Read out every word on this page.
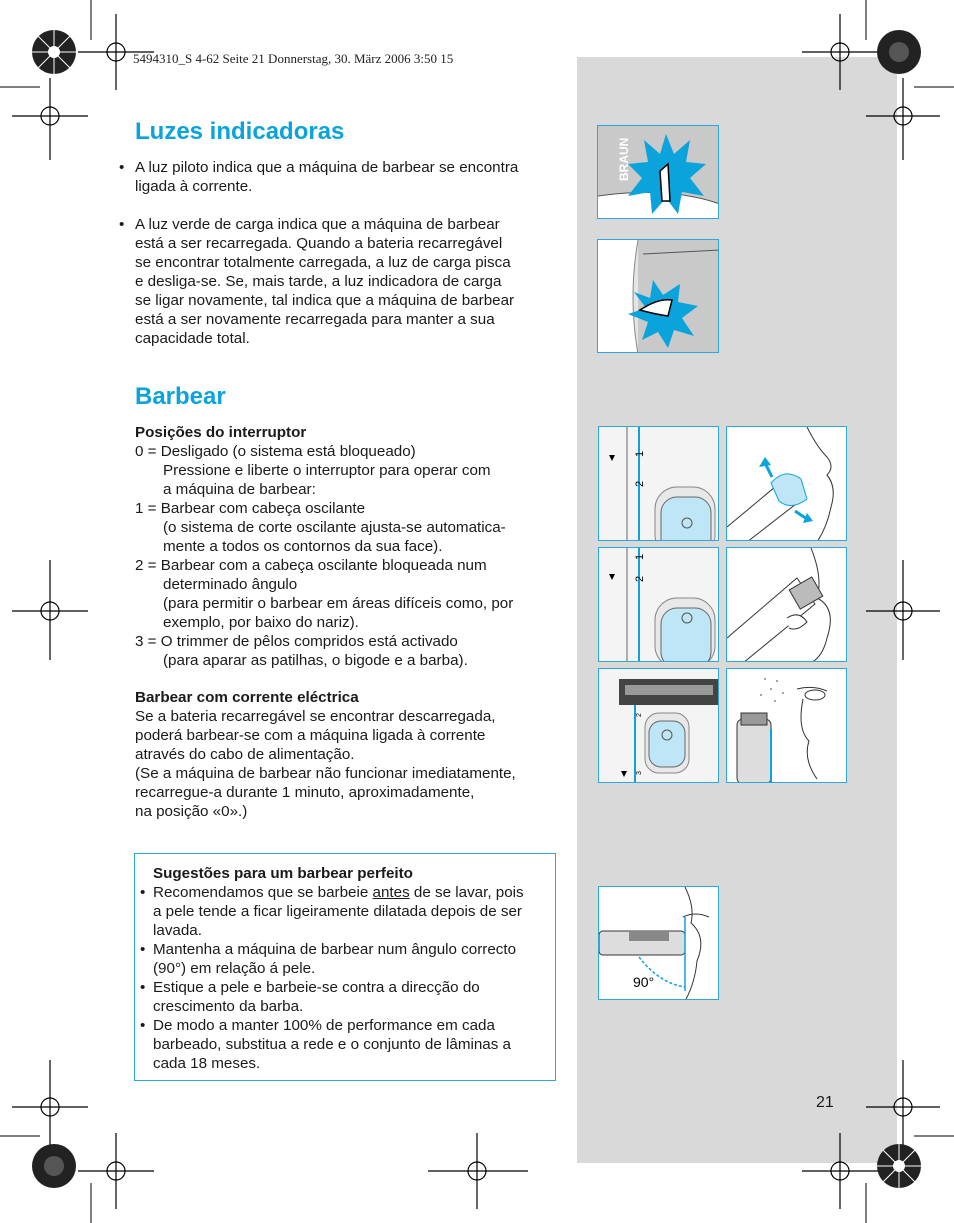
5494310_S 4-62 Seite 21 Donnerstag, 30. März 2006 3:50 15
Luzes indicadoras
• A luz piloto indica que a máquina de barbear se encontra
ligada à corrente.
• A luz verde de carga indica que a máquina de barbear
está a ser recarregada. Quando a bateria recarregável
se encontrar totalmente carregada, a luz de carga pisca
e desliga-se. Se, mais tarde, a luz indicadora de carga
se ligar novamente, tal indica que a máquina de barbear
está a ser novamente recarregada para manter a sua
capacidade total.
Barbear
Posições do interruptor
0 = Desligado (o sistema está bloqueado)
Pressione e liberte o interruptor para operar com
a máquina de barbear:
1 = Barbear com cabeça oscilante
(o sistema de corte oscilante ajusta-se automatica-
mente a todos os contornos da sua face).
2 = Barbear com a cabeça oscilante bloqueada num
determinado ângulo
(para permitir o barbear em áreas difíceis como, por
exemplo, por baixo do nariz).
3 = O trimmer de pêlos compridos está activado
(para aparar as patilhas, o bigode e a barba).
Barbear com corrente eléctrica
Se a bateria recarregável se encontrar descarregada,
poderá barbear-se com a máquina ligada à corrente
através do cabo de alimentação.
(Se a máquina de barbear não funcionar imediatamente,
recarregue-a durante 1 minuto, aproximadamente,
na posição «0».)
Sugestões para um barbear perfeito
• Recomendamos que se barbeie antes de se lavar, pois
a pele tende a ficar ligeiramente dilatada depois de ser
lavada.
• Mantenha a máquina de barbear num ângulo correcto
(90°) em relação á pele.
• Estique a pele e barbeie-se contra a direcção do
crescimento da barba.
• De modo a manter 100% de performance em cada
barbeado, substitua a rede e o conjunto de lâminas a
cada 18 meses.
BRAUN
1
2
1
2
2
3
90°
21
